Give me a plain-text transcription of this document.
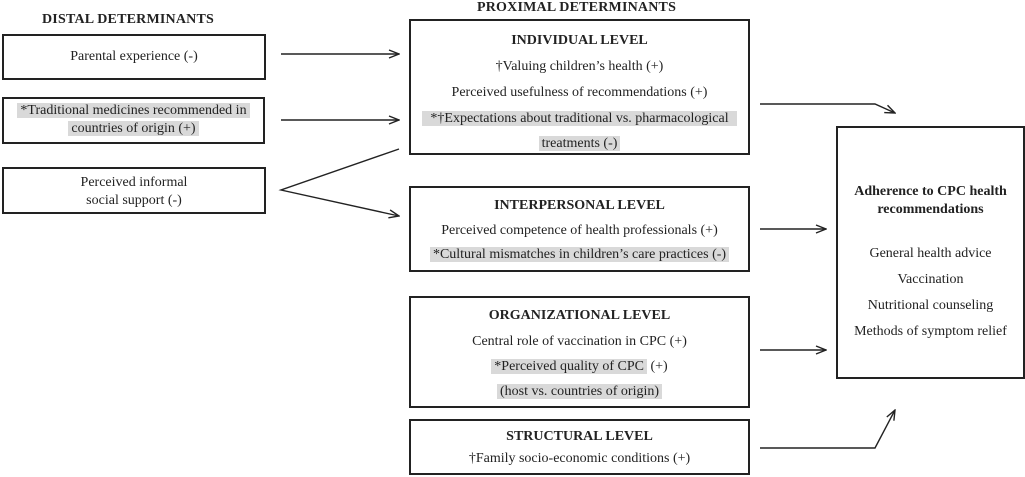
DISTAL DETERMINANTS
PROXIMAL DETERMINANTS
Parental experience (-)
*Traditional medicines recommended in
countries of origin (+)
Perceived informal
social support (-)
INDIVIDUAL LEVEL
†Valuing children’s health (+)
Perceived usefulness of recommendations (+)
*†Expectations about traditional vs. pharmacological
treatments (-)
INTERPERSONAL LEVEL
Perceived competence of health professionals (+)
*Cultural mismatches in children’s care practices (-)
ORGANIZATIONAL LEVEL
Central role of vaccination in CPC (+)
*Perceived quality of CPC (+)
(host vs. countries of origin)
STRUCTURAL LEVEL
†Family socio-economic conditions (+)
Adherence to CPC health
recommendations
General health advice
Vaccination
Nutritional counseling
Methods of symptom relief
